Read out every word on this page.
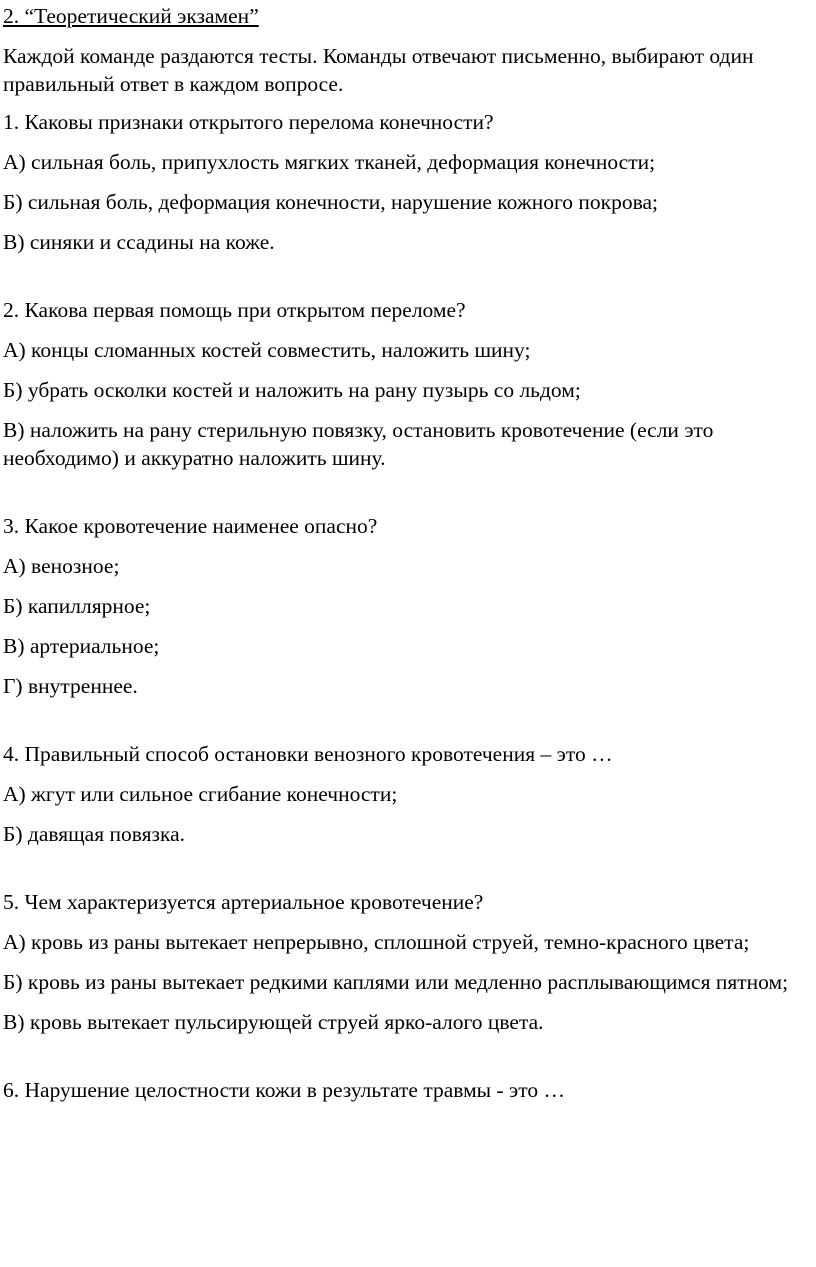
2. “Теоретический экзамен”

Каждой команде раздаются тесты. Команды отвечают письменно, выбирают один правильный ответ в каждом вопросе.

1. Каковы признаки открытого перелома конечности?

А) сильная боль, припухлость мягких тканей, деформация конечности;

Б) сильная боль, деформация конечности, нарушение кожного покрова;

В) синяки и ссадины на коже.

2. Какова первая помощь при открытом переломе?

А) концы сломанных костей совместить, наложить шину;

Б) убрать осколки костей и наложить на рану пузырь со льдом;

В) наложить на рану стерильную повязку, остановить кровотечение (если это необходимо) и аккуратно наложить шину.

3. Какое кровотечение наименее опасно?

А) венозное;

Б) капиллярное;

В) артериальное;

Г) внутреннее.

4. Правильный способ остановки венозного кровотечения – это …

А) жгут или сильное сгибание конечности;

Б) давящая повязка.

5. Чем характеризуется артериальное кровотечение?

А) кровь из раны вытекает непрерывно, сплошной струей, темно-красного цвета;

Б) кровь из раны вытекает редкими каплями или медленно расплывающимся пятном;

В) кровь вытекает пульсирующей струей ярко-алого цвета.

6. Нарушение целостности кожи в результате травмы - это …
